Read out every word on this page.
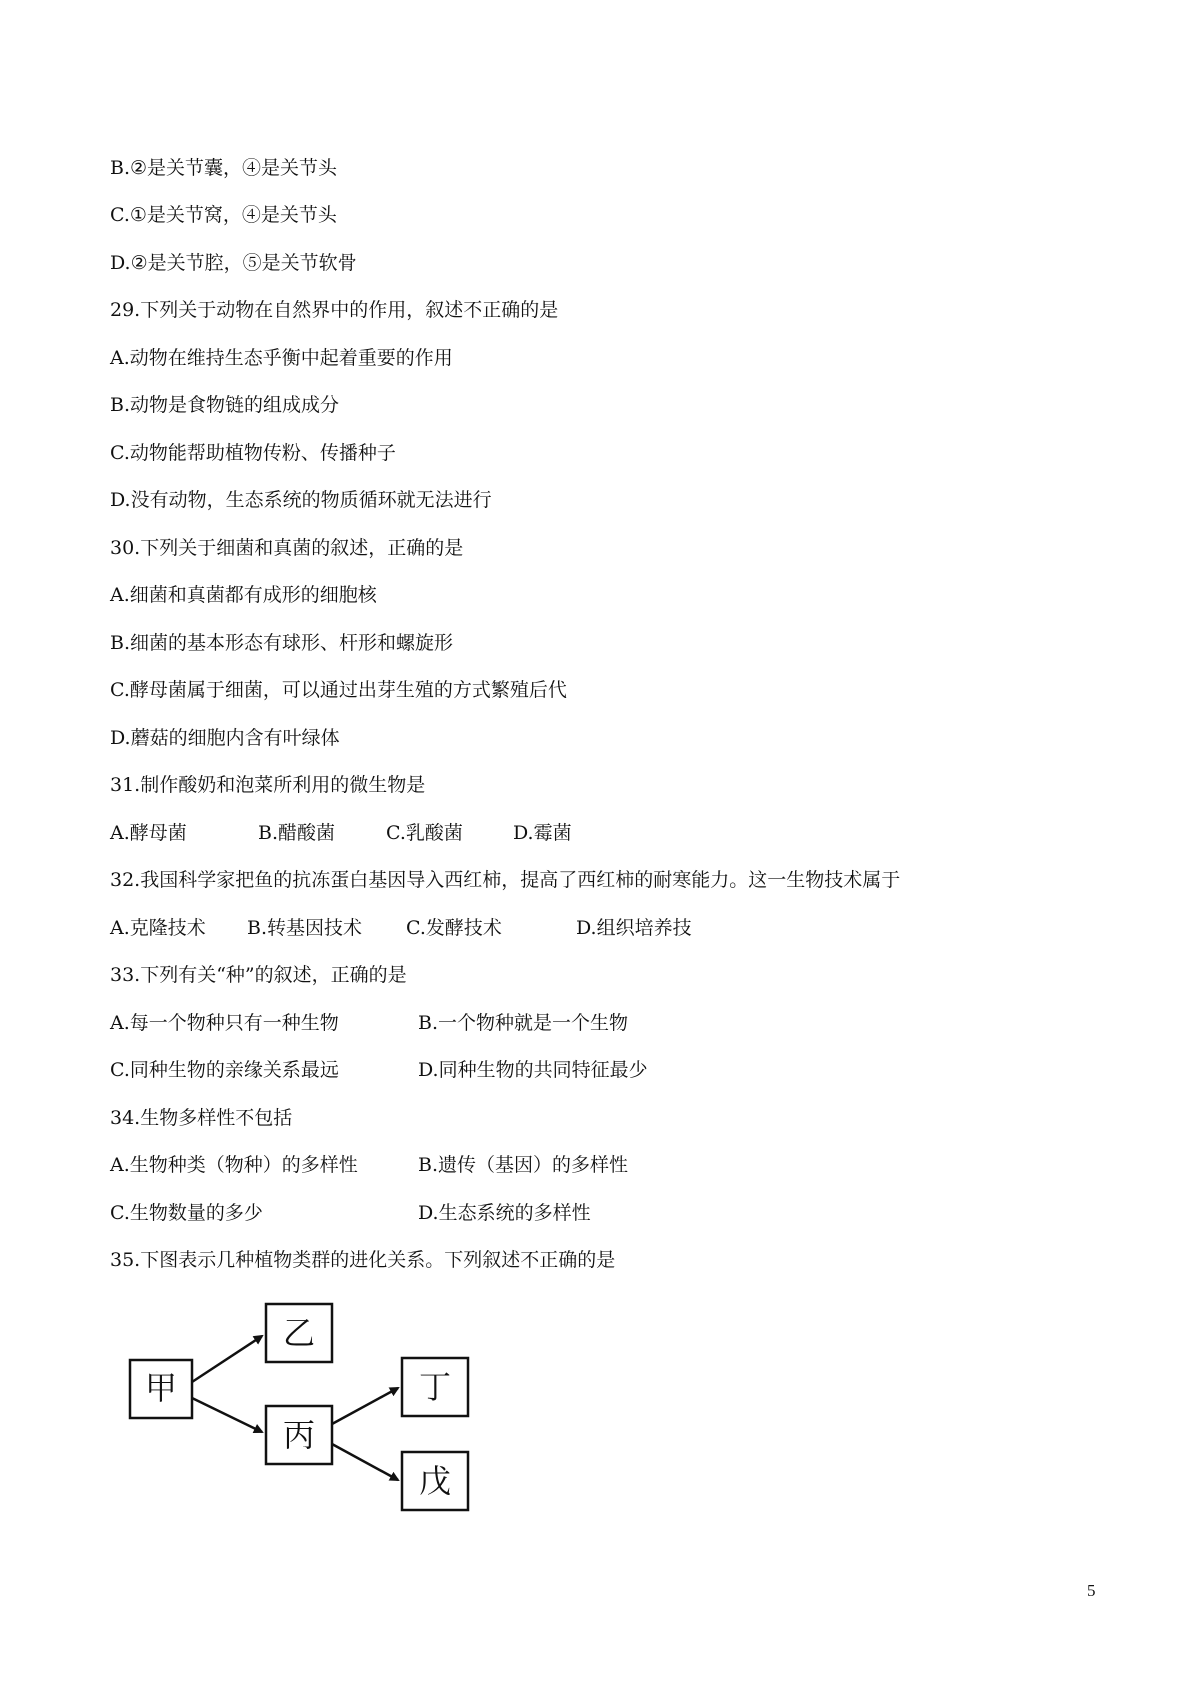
B.②是关节囊，④是关节头
C.①是关节窝，④是关节头
D.②是关节腔，⑤是关节软骨
29.下列关于动物在自然界中的作用，叙述不正确的是
A.动物在维持生态乎衡中起着重要的作用
B.动物是食物链的组成成分
C.动物能帮助植物传粉、传播种子
D.没有动物，生态系统的物质循环就无法进行
30.下列关于细菌和真菌的叙述，正确的是
A.细菌和真菌都有成形的细胞核
B.细菌的基本形态有球形、杆形和螺旋形
C.酵母菌属于细菌，可以通过出芽生殖的方式繁殖后代
D.蘑菇的细胞内含有叶绿体
31.制作酸奶和泡菜所利用的微生物是
A.酵母菌	B.醋酸菌	C.乳酸菌	D.霉菌
32.我国科学家把鱼的抗冻蛋白基因导入西红柿，提高了西红柿的耐寒能力。这一生物技术属于
A.克隆技术 B.转基因技术 C.发酵技术	D.组织培养技
33.下列有关“种”的叙述，正确的是
A.每一个物种只有一种生物	B.一个物种就是一个生物
C.同种生物的亲缘关系最远	D.同种生物的共同特征最少
34.生物多样性不包括
A.生物种类（物种）的多样性	B.遗传（基因）的多样性
C.生物数量的多少	D.生态系统的多样性
35.下图表示几种植物类群的进化关系。下列叙述不正确的是
甲
乙
丙
丁
戊
5
